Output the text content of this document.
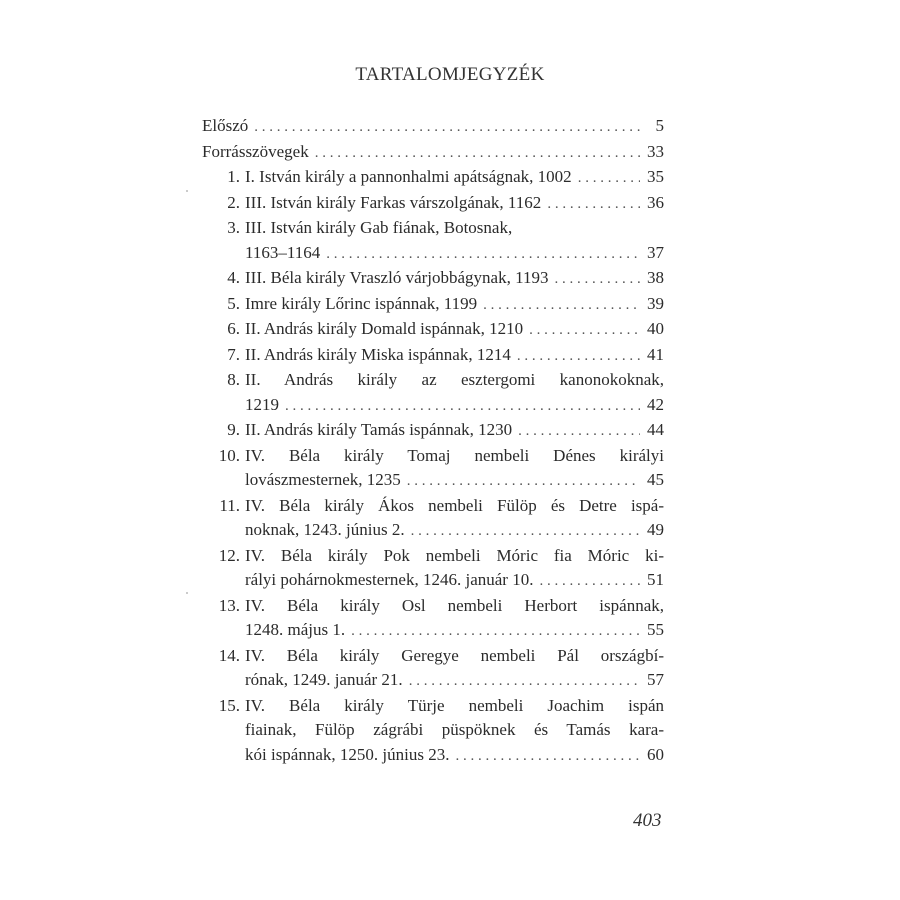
TARTALOMJEGYZÉK
Előszó . . .	5
Forrásszövegek . . .	33
1. I. István király a pannonhalmi apátságnak, 1002 . . .	35
2. III. István király Farkas várszolgának, 1162 . . .	36
3. III. István király Gab fiának, Botosnak,
1163–1164 . . .	37
4. III. Béla király Vraszló várjobbágynak, 1193 . . .	38
5. Imre király Lőrinc ispánnak, 1199 . . .	39
6. II. András király Domald ispánnak, 1210 . . .	40
7. II. András király Miska ispánnak, 1214 . . .	41
8. II. András király az esztergomi kanonokoknak,
1219 . . .	42
9. II. András király Tamás ispánnak, 1230 . . .	44
10. IV. Béla király Tomaj nembeli Dénes királyi
lovászmesternek, 1235 . . .	45
11. IV. Béla király Ákos nembeli Fülöp és Detre ispá-
noknak, 1243. június 2. . . .	49
12. IV. Béla király Pok nembeli Móric fia Móric ki-
rályi pohárnokmesternek, 1246. január 10. . . .	51
13. IV. Béla király Osl nembeli Herbort ispánnak,
1248. május 1. . . .	55
14. IV. Béla király Geregye nembeli Pál országbí-
rónak, 1249. január 21. . . .	57
15. IV. Béla király Türje nembeli Joachim ispán
fiainak, Fülöp zágrábi püspöknek és Tamás kara-
kói ispánnak, 1250. június 23. . . .	60
403
